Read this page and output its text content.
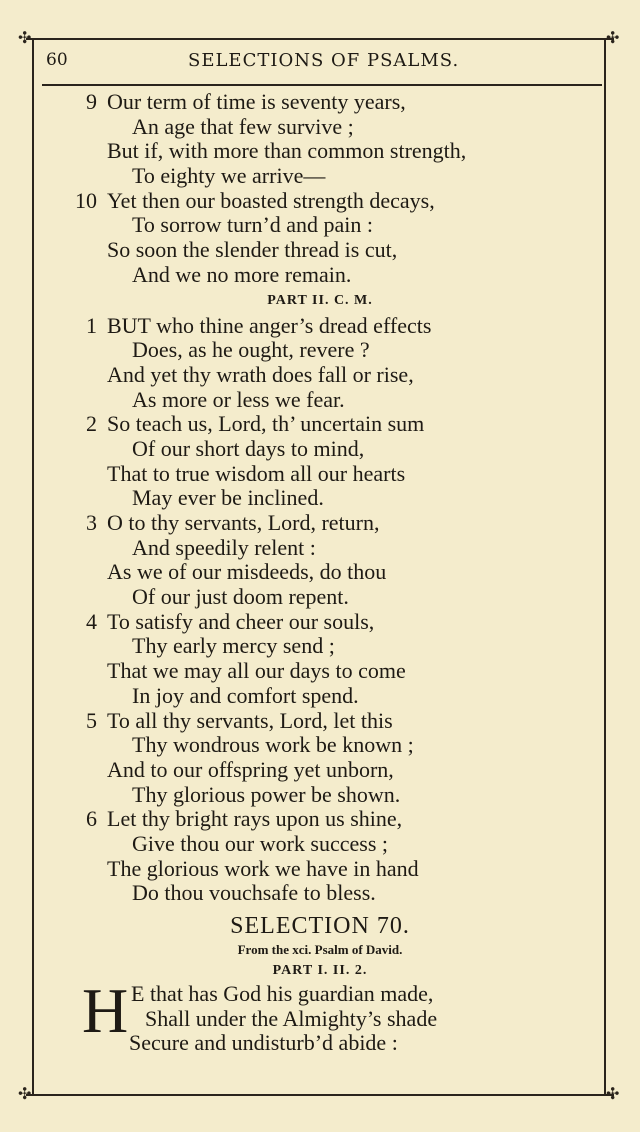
✣	✣
✣	✣
60	SELECTIONS OF PSALMS.
9 Our term of time is seventy years,
An age that few survive ;
But if, with more than common strength,
To eighty we arrive—
10 Yet then our boasted strength decays,
To sorrow turn’d and pain :
So soon the slender thread is cut,
And we no more remain.
PART II. C. M.
1 BUT who thine anger’s dread effects
Does, as he ought, revere ?
And yet thy wrath does fall or rise,
As more or less we fear.
2 So teach us, Lord, th’ uncertain sum
Of our short days to mind,
That to true wisdom all our hearts
May ever be inclined.
3 O to thy servants, Lord, return,
And speedily relent :
As we of our misdeeds, do thou
Of our just doom repent.
4 To satisfy and cheer our souls,
Thy early mercy send ;
That we may all our days to come
In joy and comfort spend.
5 To all thy servants, Lord, let this
Thy wondrous work be known ;
And to our offspring yet unborn,
Thy glorious power be shown.
6 Let thy bright rays upon us shine,
Give thou our work success ;
The glorious work we have in hand
Do thou vouchsafe to bless.
SELECTION 70.
From the xci. Psalm of David.
PART I. II. 2.
H E that has God his guardian made,
Shall under the Almighty’s shade
Secure and undisturb’d abide :
